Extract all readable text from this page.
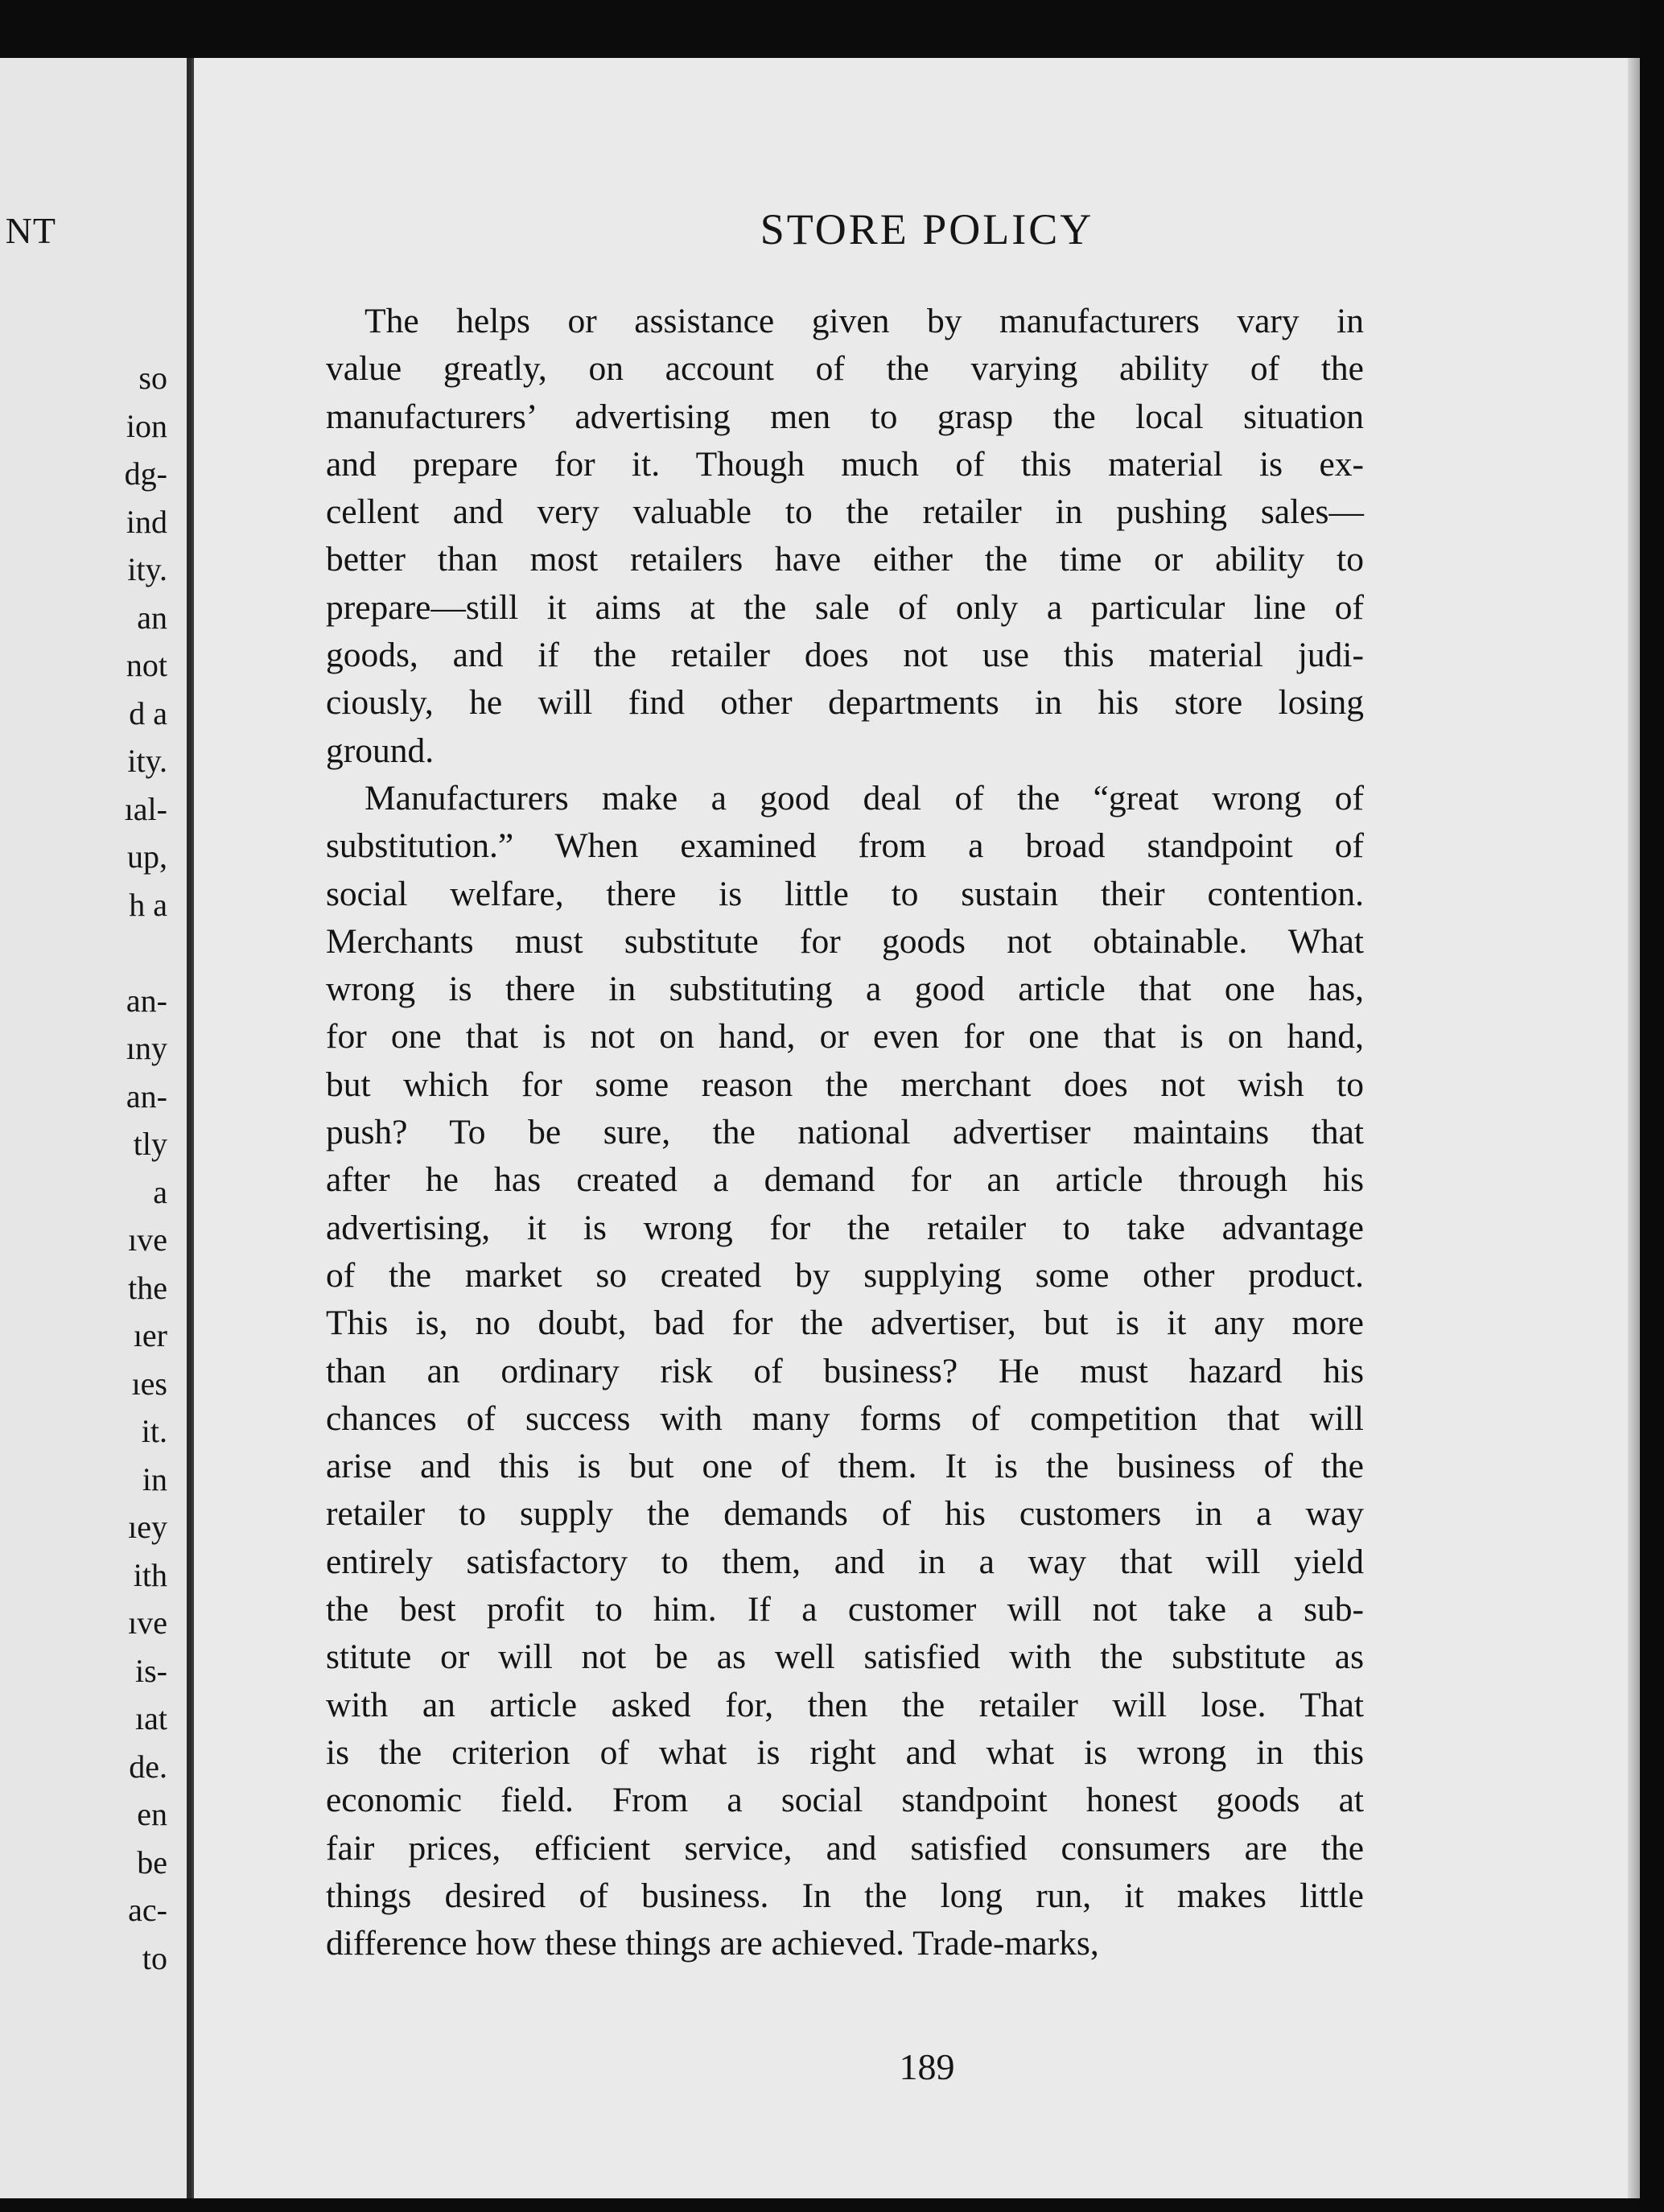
NT
so
ion
dg-
ind
ity.
an
not
d a
ity.
ıal-
up,
h a
an-
ıny
an-
tly
a
ıve
the
ıer
ıes
it.
in
ıey
ith
ıve
is-
ıat
de.
en
be
ac-
to
STORE POLICY
The helps or assistance given by manufacturers vary in
value greatly, on account of the varying ability of the
manufacturers’ advertising men to grasp the local situation
and prepare for it. Though much of this material is ex-
cellent and very valuable to the retailer in pushing sales—
better than most retailers have either the time or ability to
prepare—still it aims at the sale of only a particular line of
goods, and if the retailer does not use this material judi-
ciously, he will find other departments in his store losing
ground.
Manufacturers make a good deal of the “great wrong of
substitution.” When examined from a broad standpoint of
social welfare, there is little to sustain their contention.
Merchants must substitute for goods not obtainable. What
wrong is there in substituting a good article that one has,
for one that is not on hand, or even for one that is on hand,
but which for some reason the merchant does not wish to
push? To be sure, the national advertiser maintains that
after he has created a demand for an article through his
advertising, it is wrong for the retailer to take advantage
of the market so created by supplying some other product.
This is, no doubt, bad for the advertiser, but is it any more
than an ordinary risk of business? He must hazard his
chances of success with many forms of competition that will
arise and this is but one of them. It is the business of the
retailer to supply the demands of his customers in a way
entirely satisfactory to them, and in a way that will yield
the best profit to him. If a customer will not take a sub-
stitute or will not be as well satisfied with the substitute as
with an article asked for, then the retailer will lose. That
is the criterion of what is right and what is wrong in this
economic field. From a social standpoint honest goods at
fair prices, efficient service, and satisfied consumers are the
things desired of business. In the long run, it makes little
difference how these things are achieved. Trade-marks,
189
